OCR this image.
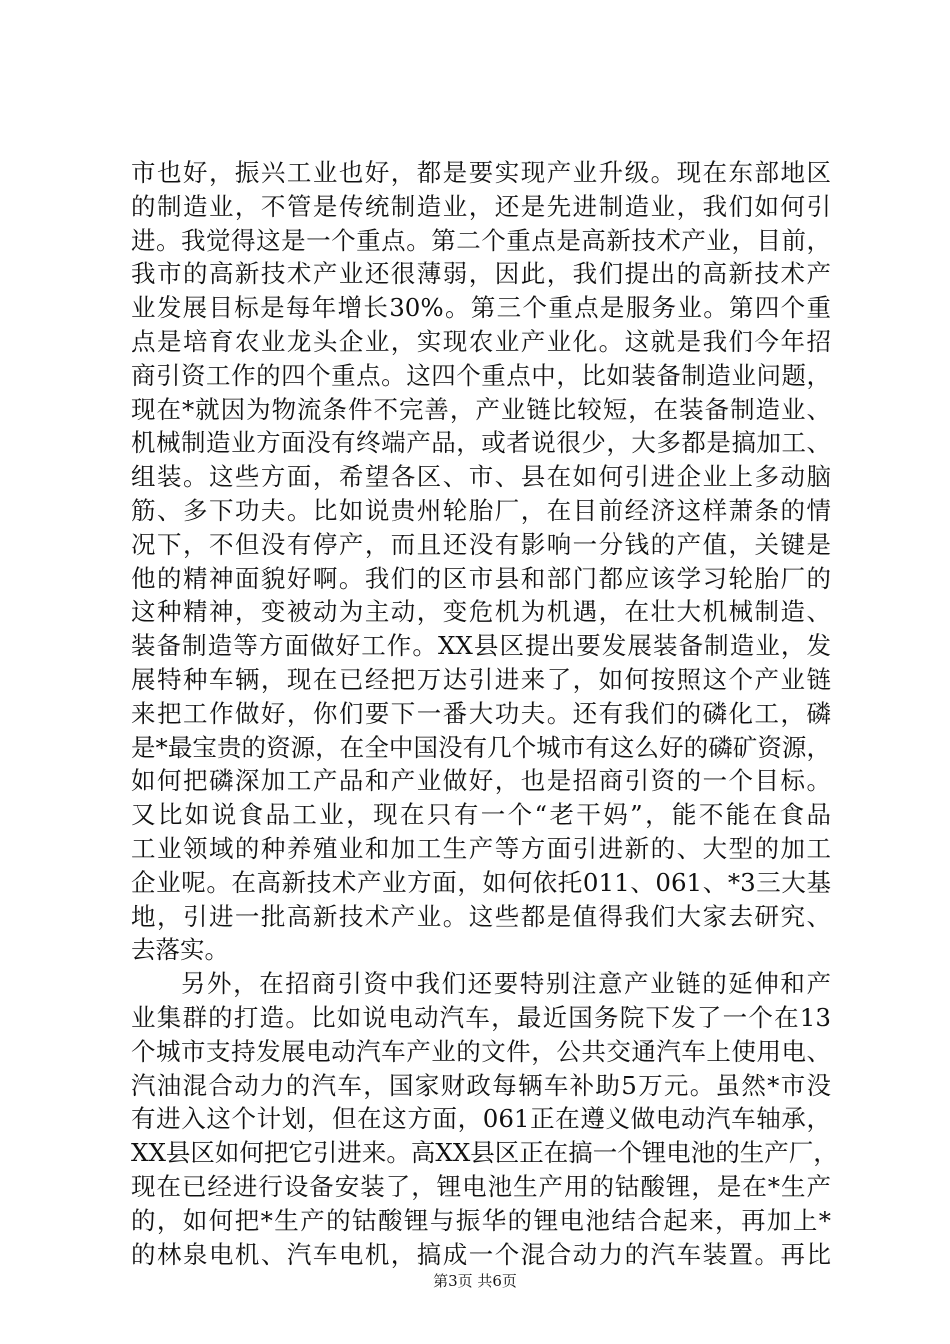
市也好，振兴工业也好，都是要实现产业升级。现在东部地区
的制造业，不管是传统制造业，还是先进制造业，我们如何引
进。我觉得这是一个重点。第二个重点是高新技术产业，目前，
我市的高新技术产业还很薄弱，因此，我们提出的高新技术产
业发展目标是每年增长30%。第三个重点是服务业。第四个重
点是培育农业龙头企业，实现农业产业化。这就是我们今年招
商引资工作的四个重点。这四个重点中，比如装备制造业问题，
现在*就因为物流条件不完善，产业链比较短，在装备制造业、
机械制造业方面没有终端产品，或者说很少，大多都是搞加工、
组装。这些方面，希望各区、市、县在如何引进企业上多动脑
筋、多下功夫。比如说贵州轮胎厂，在目前经济这样萧条的情
况下，不但没有停产，而且还没有影响一分钱的产值，关键是
他的精神面貌好啊。我们的区市县和部门都应该学习轮胎厂的
这种精神，变被动为主动，变危机为机遇，在壮大机械制造、
装备制造等方面做好工作。XX县区提出要发展装备制造业，发
展特种车辆，现在已经把万达引进来了，如何按照这个产业链
来把工作做好，你们要下一番大功夫。还有我们的磷化工，磷
是*最宝贵的资源，在全中国没有几个城市有这么好的磷矿资源，
如何把磷深加工产品和产业做好，也是招商引资的一个目标。
又比如说食品工业，现在只有一个“老干妈”，能不能在食品
工业领域的种养殖业和加工生产等方面引进新的、大型的加工
企业呢。在高新技术产业方面，如何依托011、061、*3三大基
地，引进一批高新技术产业。这些都是值得我们大家去研究、
去落实。
另外，在招商引资中我们还要特别注意产业链的延伸和产
业集群的打造。比如说电动汽车，最近国务院下发了一个在13
个城市支持发展电动汽车产业的文件，公共交通汽车上使用电、
汽油混合动力的汽车，国家财政每辆车补助5万元。虽然*市没
有进入这个计划，但在这方面，061正在遵义做电动汽车轴承，
XX县区如何把它引进来。高XX县区正在搞一个锂电池的生产厂，
现在已经进行设备安装了，锂电池生产用的钴酸锂，是在*生产
的，如何把*生产的钴酸锂与振华的锂电池结合起来，再加上*
的林泉电机、汽车电机，搞成一个混合动力的汽车装置。再比
第3页 共6页
